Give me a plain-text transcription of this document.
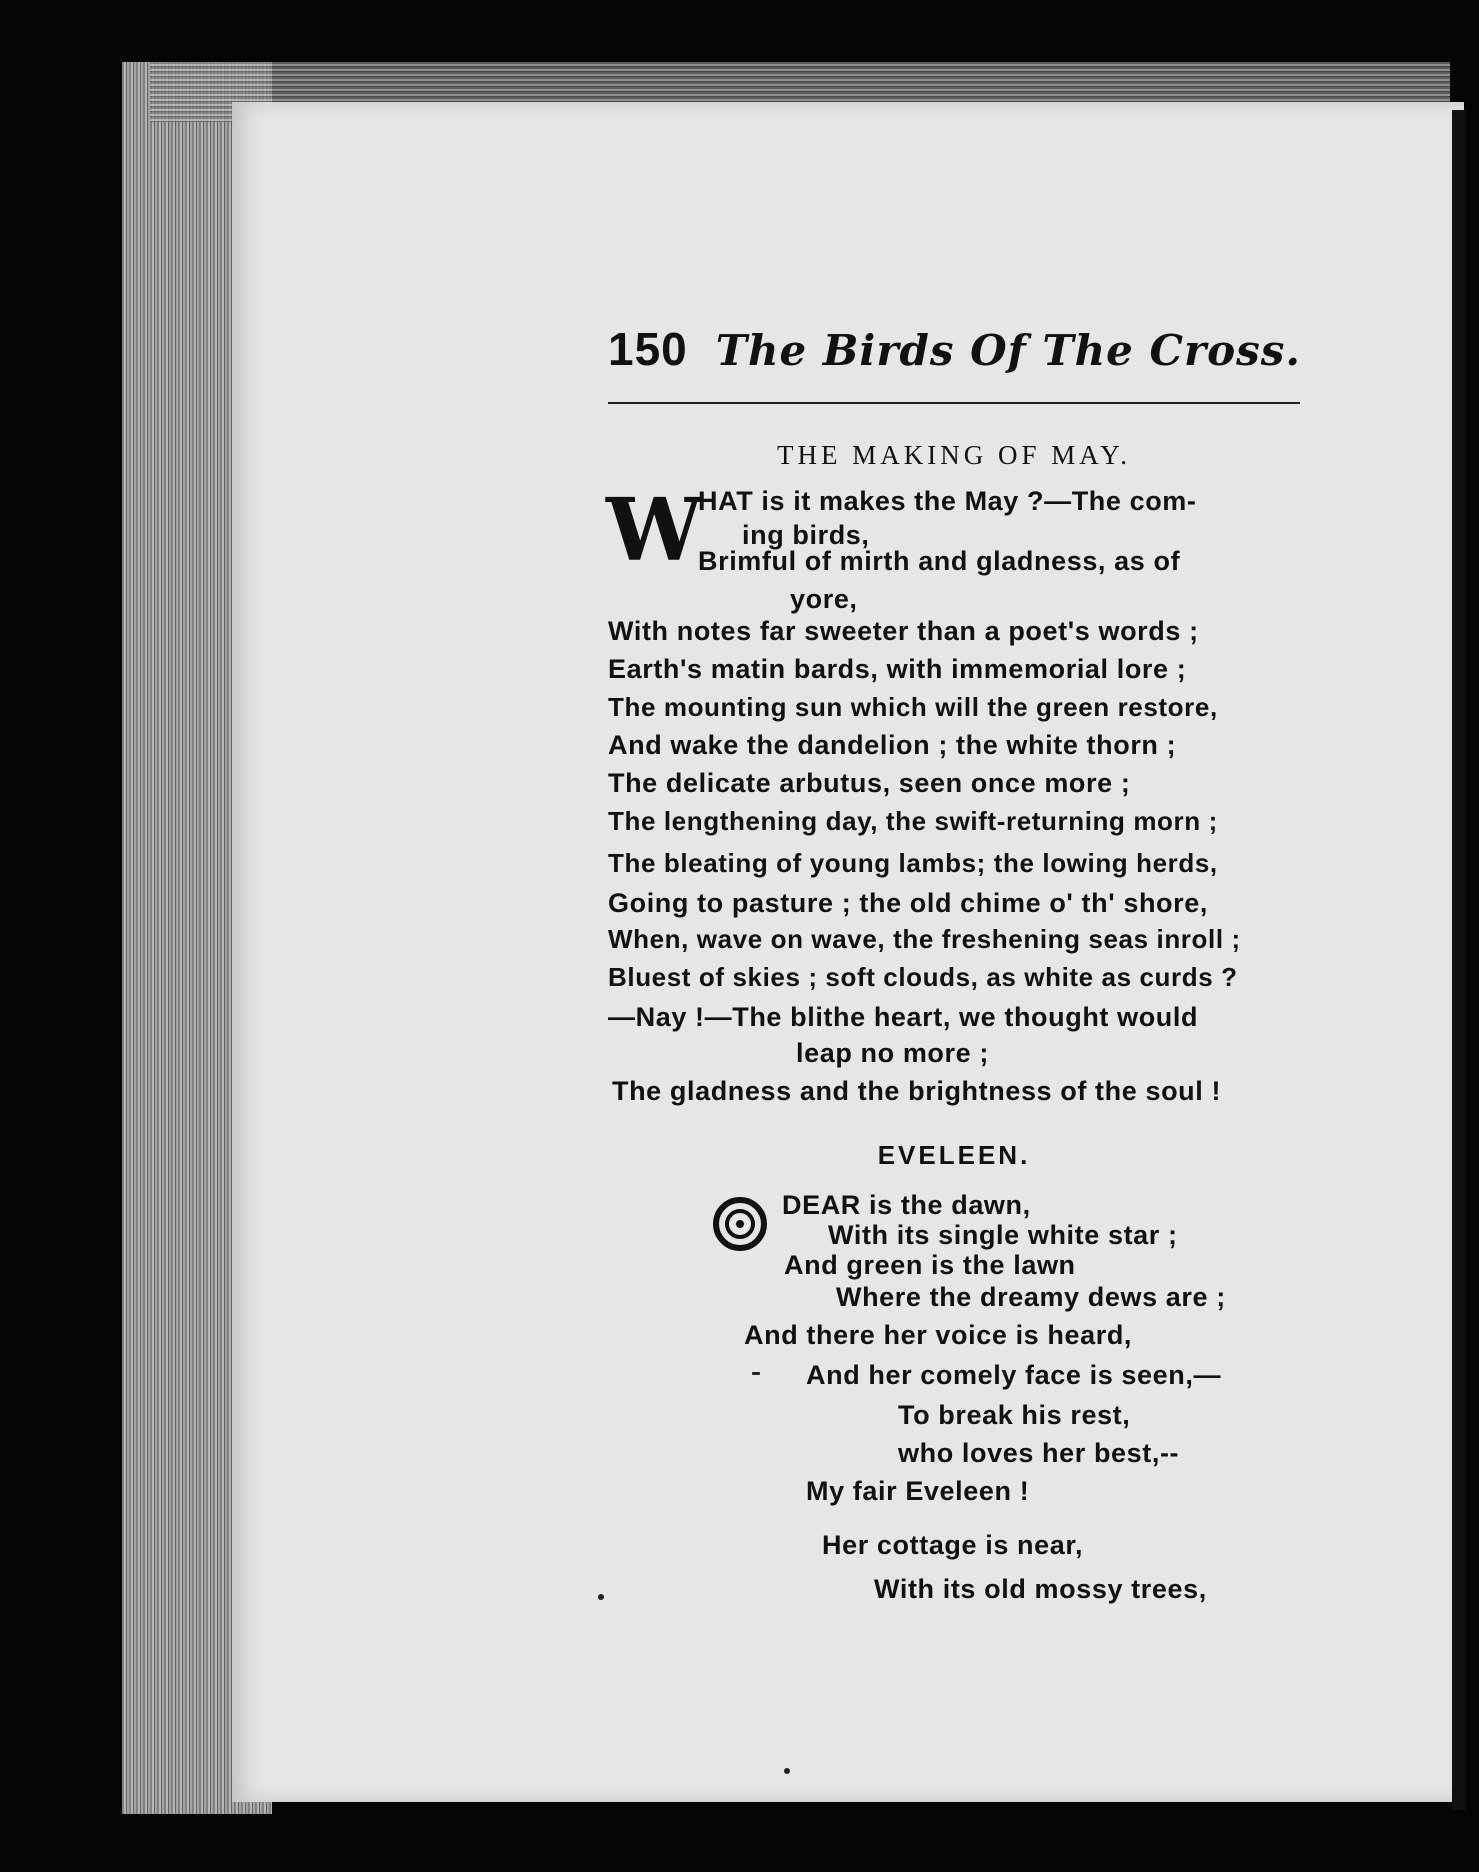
150 The Birds Of The Cross.
THE MAKING OF MAY.
W
HAT is it makes the May ?—The com-
ing birds,
Brimful of mirth and gladness, as of
yore,
With notes far sweeter than a poet's words ;
Earth's matin bards, with immemorial lore ;
The mounting sun which will the green restore,
And wake the dandelion ; the white thorn ;
The delicate arbutus, seen once more ;
The lengthening day, the swift-returning morn ;
The bleating of young lambs; the lowing herds,
Going to pasture ; the old chime o' th' shore,
When, wave on wave, the freshening seas inroll ;
Bluest of skies ; soft clouds, as white as curds ?
—Nay !—The blithe heart, we thought would
leap no more ;
The gladness and the brightness of the soul !
EVELEEN.
DEAR is the dawn,
With its single white star ;
And green is the lawn
Where the dreamy dews are ;
And there her voice is heard,
And her comely face is seen,—
To break his rest,
who loves her best,--
My fair Eveleen !
Her cottage is near,
With its old mossy trees,
